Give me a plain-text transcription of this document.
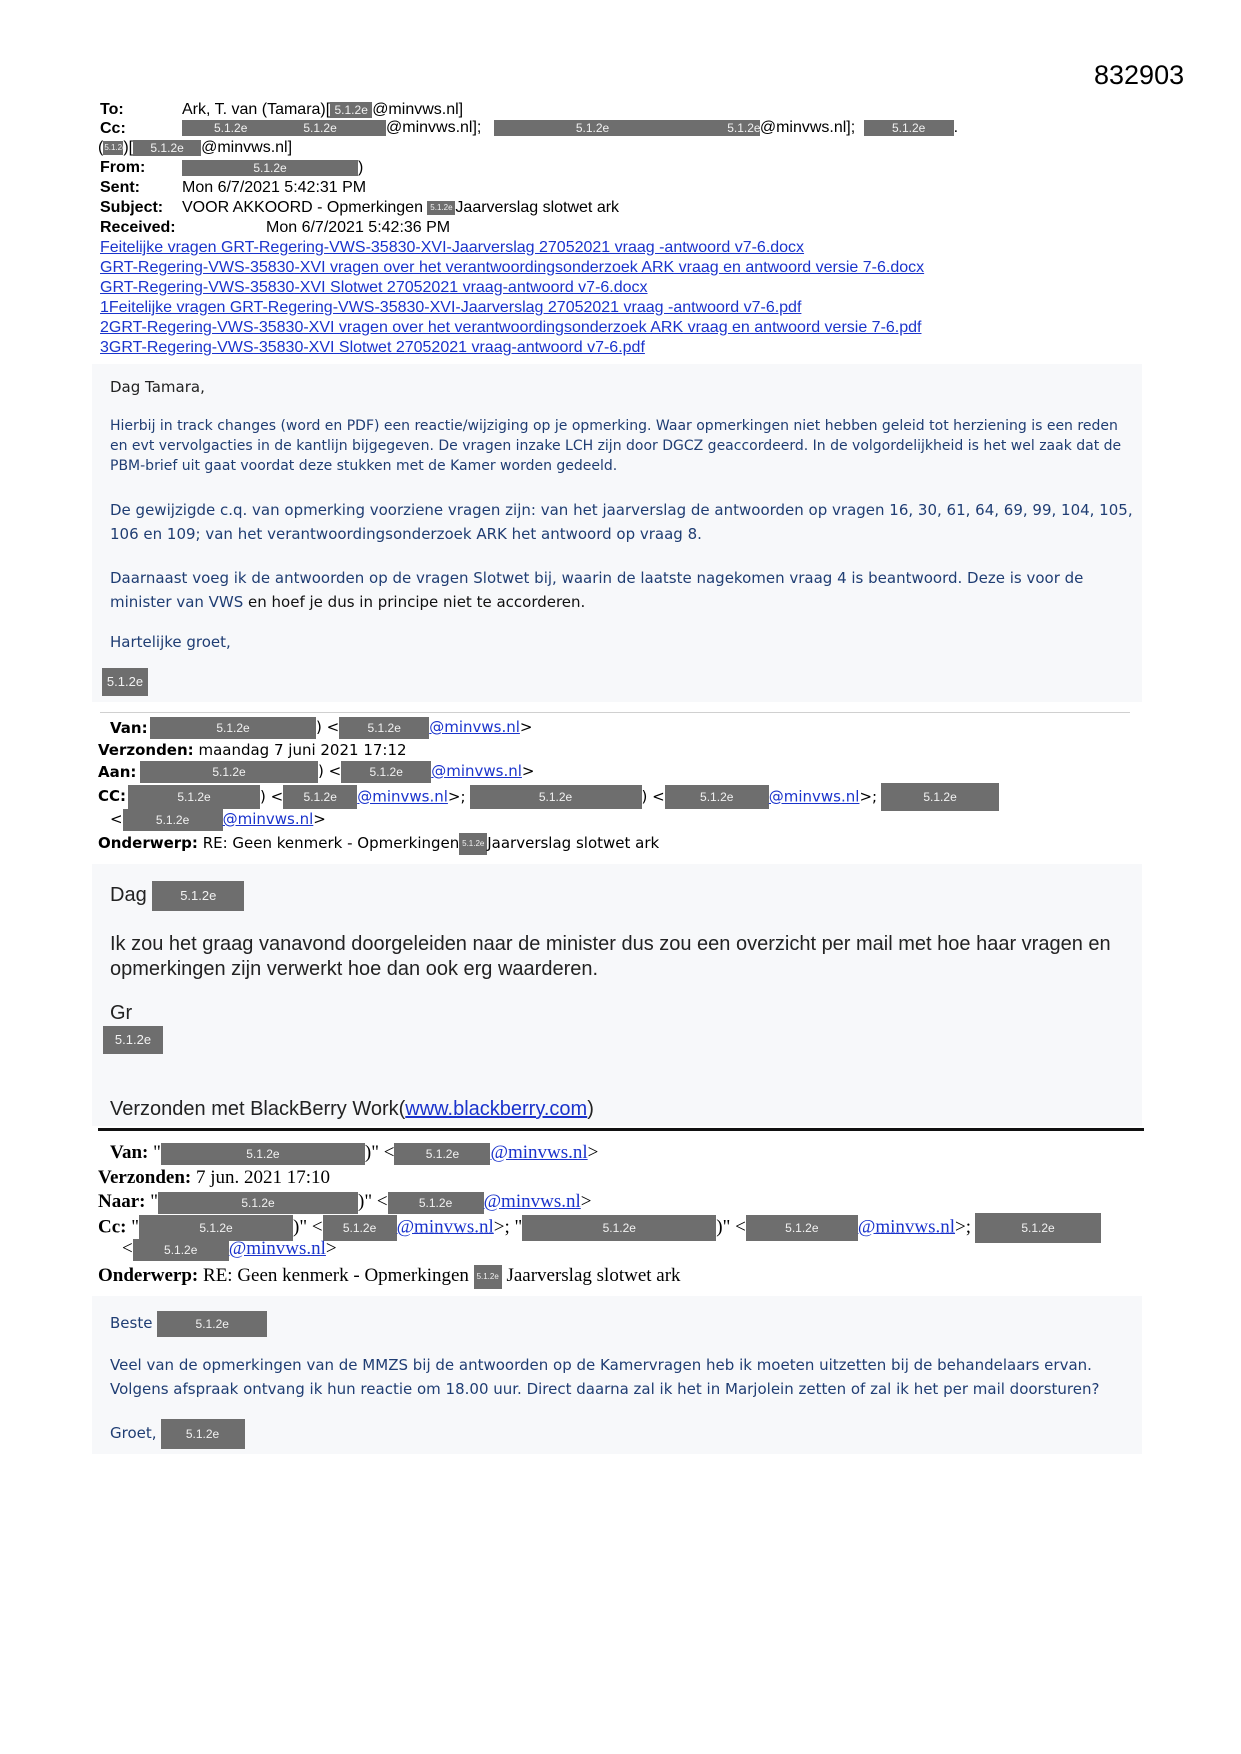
832903
To:	Ark, T. van (Tamara)[ 5.1.2e @minvws.nl]
Cc:	5.1.2e	5.1.2e	@minvws.nl];	5.1.2e	5.1.2e@minvws.nl];	5.1.2e .
(5.1.2e)[ 5.1.2e @minvws.nl]
From:	5.1.2e	)
Sent:	Mon 6/7/2021 5:42:31 PM
Subject: VOOR AKKOORD - Opmerkingen 5.1.2e Jaarverslag slotwet ark
Received:	Mon 6/7/2021 5:42:36 PM
Feitelijke vragen GRT-Regering-VWS-35830-XVI-Jaarverslag 27052021 vraag -antwoord v7-6.docx
GRT-Regering-VWS-35830-XVI vragen over het verantwoordingsonderzoek ARK vraag en antwoord versie 7-6.docx
GRT-Regering-VWS-35830-XVI Slotwet 27052021 vraag-antwoord v7-6.docx
1Feitelijke vragen GRT-Regering-VWS-35830-XVI-Jaarverslag 27052021 vraag -antwoord v7-6.pdf
2GRT-Regering-VWS-35830-XVI vragen over het verantwoordingsonderzoek ARK vraag en antwoord versie 7-6.pdf
3GRT-Regering-VWS-35830-XVI Slotwet 27052021 vraag-antwoord v7-6.pdf
Dag Tamara,
Hierbij in track changes (word en PDF) een reactie/wijziging op je opmerking. Waar opmerkingen niet hebben geleid tot herziening is een reden en evt vervolgacties in de kantlijn bijgegeven. De vragen inzake LCH zijn door DGCZ geaccordeerd. In de volgordelijkheid is het wel zaak dat de PBM-brief uit gaat voordat deze stukken met de Kamer worden gedeeld.
De gewijzigde c.q. van opmerking voorziene vragen zijn: van het jaarverslag de antwoorden op vragen 16, 30, 61, 64, 69, 99, 104, 105, 106 en 109; van het verantwoordingsonderzoek ARK het antwoord op vraag 8.
Daarnaast voeg ik de antwoorden op de vragen Slotwet bij, waarin de laatste nagekomen vraag 4 is beantwoord. Deze is voor de minister van VWS en hoef je dus in principe niet te accorderen.
Hartelijke groet,
5.1.2e
Van:	5.1.2e	) < 5.1.2e @minvws.nl>
Verzonden: maandag 7 juni 2021 17:12
Aan:	5.1.2e	) < 5.1.2e @minvws.nl>
CC:	5.1.2e	) < 5.1.2e @minvws.nl>;	5.1.2e	) <	5.1.2e @minvws.nl>;	5.1.2e
<	5.1.2e @minvws.nl>
Onderwerp: RE: Geen kenmerk - Opmerkingen 5.1.2e Jaarverslag slotwet ark
Dag	5.1.2e
Ik zou het graag vanavond doorgeleiden naar de minister dus zou een overzicht per mail met hoe haar vragen en opmerkingen zijn verwerkt hoe dan ook erg waarderen.
Gr
5.1.2e
Verzonden met BlackBerry Work(www.blackberry.com)
Van: "	5.1.2e	)" <	5.1.2e @minvws.nl>
Verzonden: 7 jun. 2021 17:10
Naar: "	5.1.2e	)" <	5.1.2e @minvws.nl>
Cc: "	5.1.2e	)" < 5.1.2e @minvws.nl>; "	5.1.2e	)" <	5.1.2e @minvws.nl>;	5.1.2e
<	5.1.2e @minvws.nl>
Onderwerp: RE: Geen kenmerk - Opmerkingen 5.1.2e Jaarverslag slotwet ark
Beste	5.1.2e
Veel van de opmerkingen van de MMZS bij de antwoorden op de Kamervragen heb ik moeten uitzetten bij de behandelaars ervan. Volgens afspraak ontvang ik hun reactie om 18.00 uur. Direct daarna zal ik het in Marjolein zetten of zal ik het per mail doorsturen?
Groet, 5.1.2e
